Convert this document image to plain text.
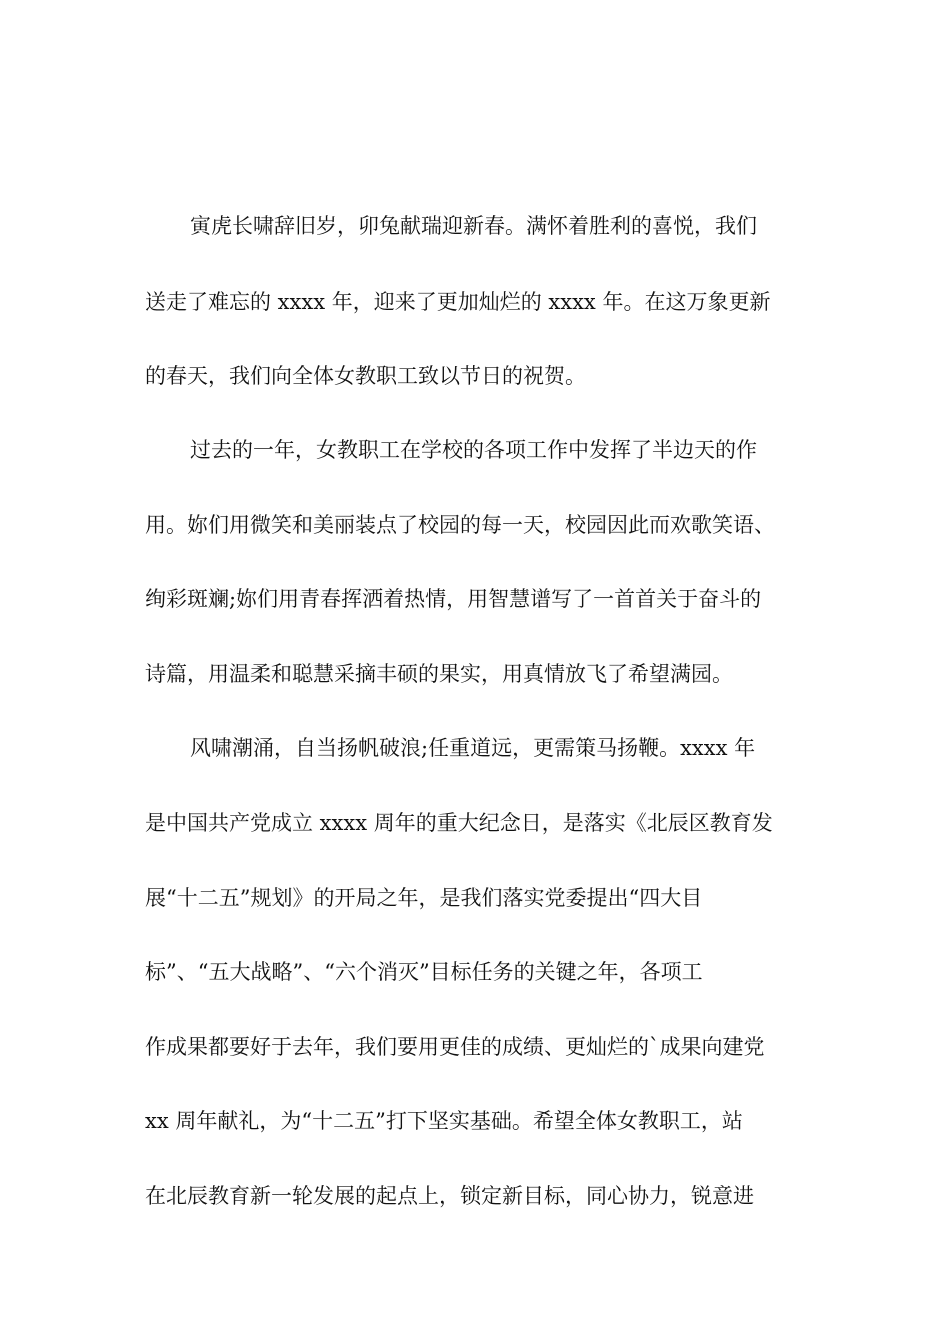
寅虎长啸辞旧岁，卯兔献瑞迎新春。满怀着胜利的喜悦，我们

送走了难忘的 xxxx 年，迎来了更加灿烂的 xxxx 年。在这万象更新

的春天，我们向全体女教职工致以节日的祝贺。

过去的一年，女教职工在学校的各项工作中发挥了半边天的作

用。妳们用微笑和美丽装点了校园的每一天，校园因此而欢歌笑语、

绚彩斑斓;妳们用青春挥洒着热情，用智慧谱写了一首首关于奋斗的

诗篇，用温柔和聪慧采摘丰硕的果实，用真情放飞了希望满园。

风啸潮涌，自当扬帆破浪;任重道远，更需策马扬鞭。xxxx 年

是中国共产党成立 xxxx 周年的重大纪念日，是落实《北辰区教育发

展“十二五”规划》的开局之年，是我们落实党委提出“四大目

标”、“五大战略”、“六个消灭”目标任务的关键之年，各项工

作成果都要好于去年，我们要用更佳的成绩、更灿烂的`成果向建党

xx 周年献礼，为“十二五”打下坚实基础。希望全体女教职工，站

在北辰教育新一轮发展的起点上，锁定新目标，同心协力，锐意进
